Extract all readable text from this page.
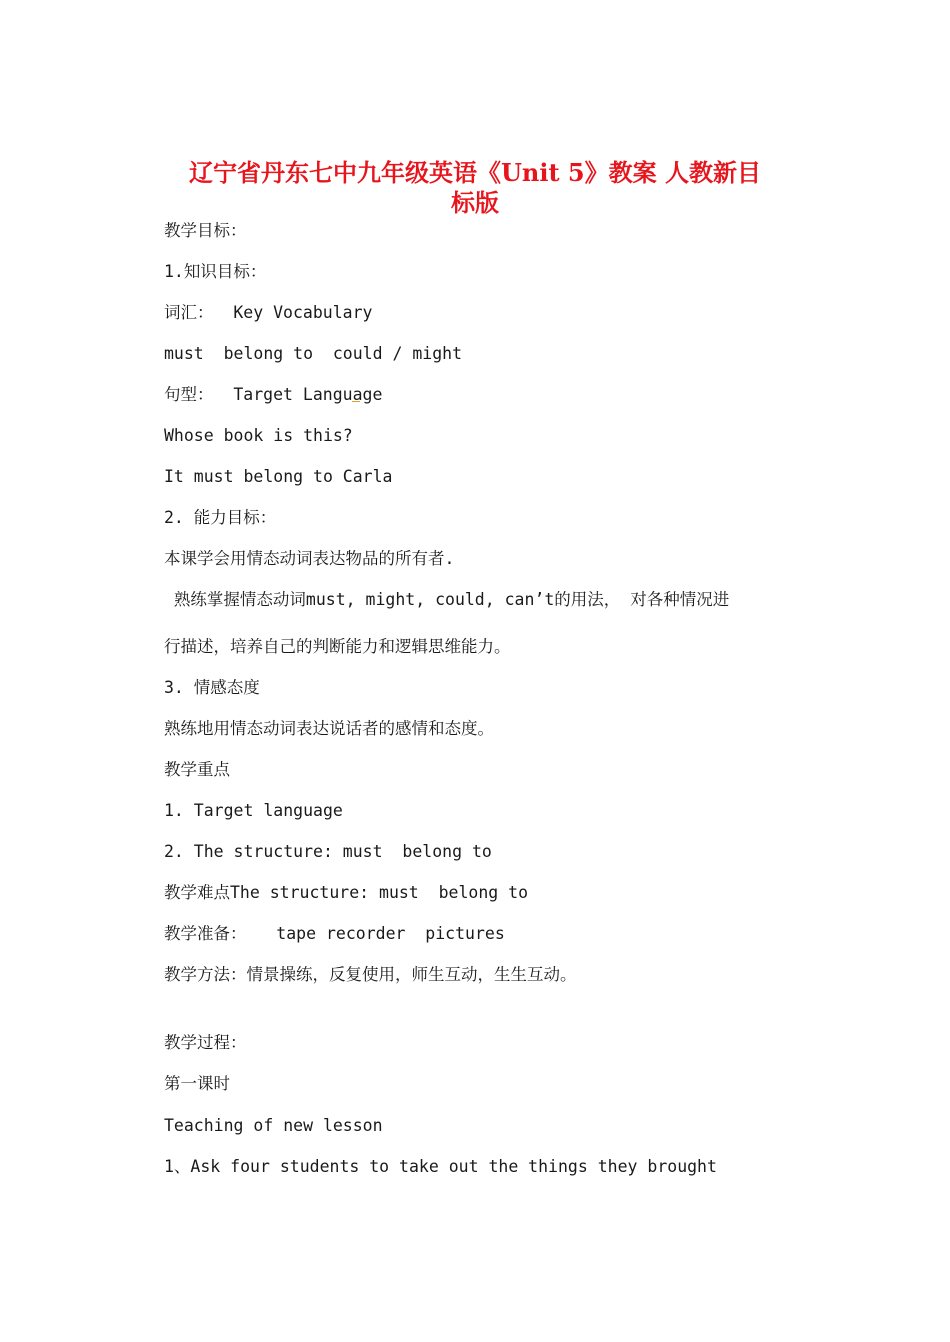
辽宁省丹东七中九年级英语《Unit 5》教案 人教新目
标版
教学目标：
1.知识目标：
词汇：  Key Vocabulary
must  belong to  could / might
句型：  Target Language
Whose book is this?
It must belong to Carla
2. 能力目标：
本课学会用情态动词表达物品的所有者.
熟练掌握情态动词must, might, could, can’t的用法， 对各种情况进
行描述，培养自己的判断能力和逻辑思维能力。
3. 情感态度
熟练地用情态动词表达说话者的感情和态度。
教学重点
1. Target language
2. The structure: must  belong to
教学难点The structure: must  belong to
教学准备：   tape recorder  pictures
教学方法：情景操练，反复使用，师生互动，生生互动。
教学过程：
第一课时
Teaching of new lesson
1、Ask four students to take out the things they brought
